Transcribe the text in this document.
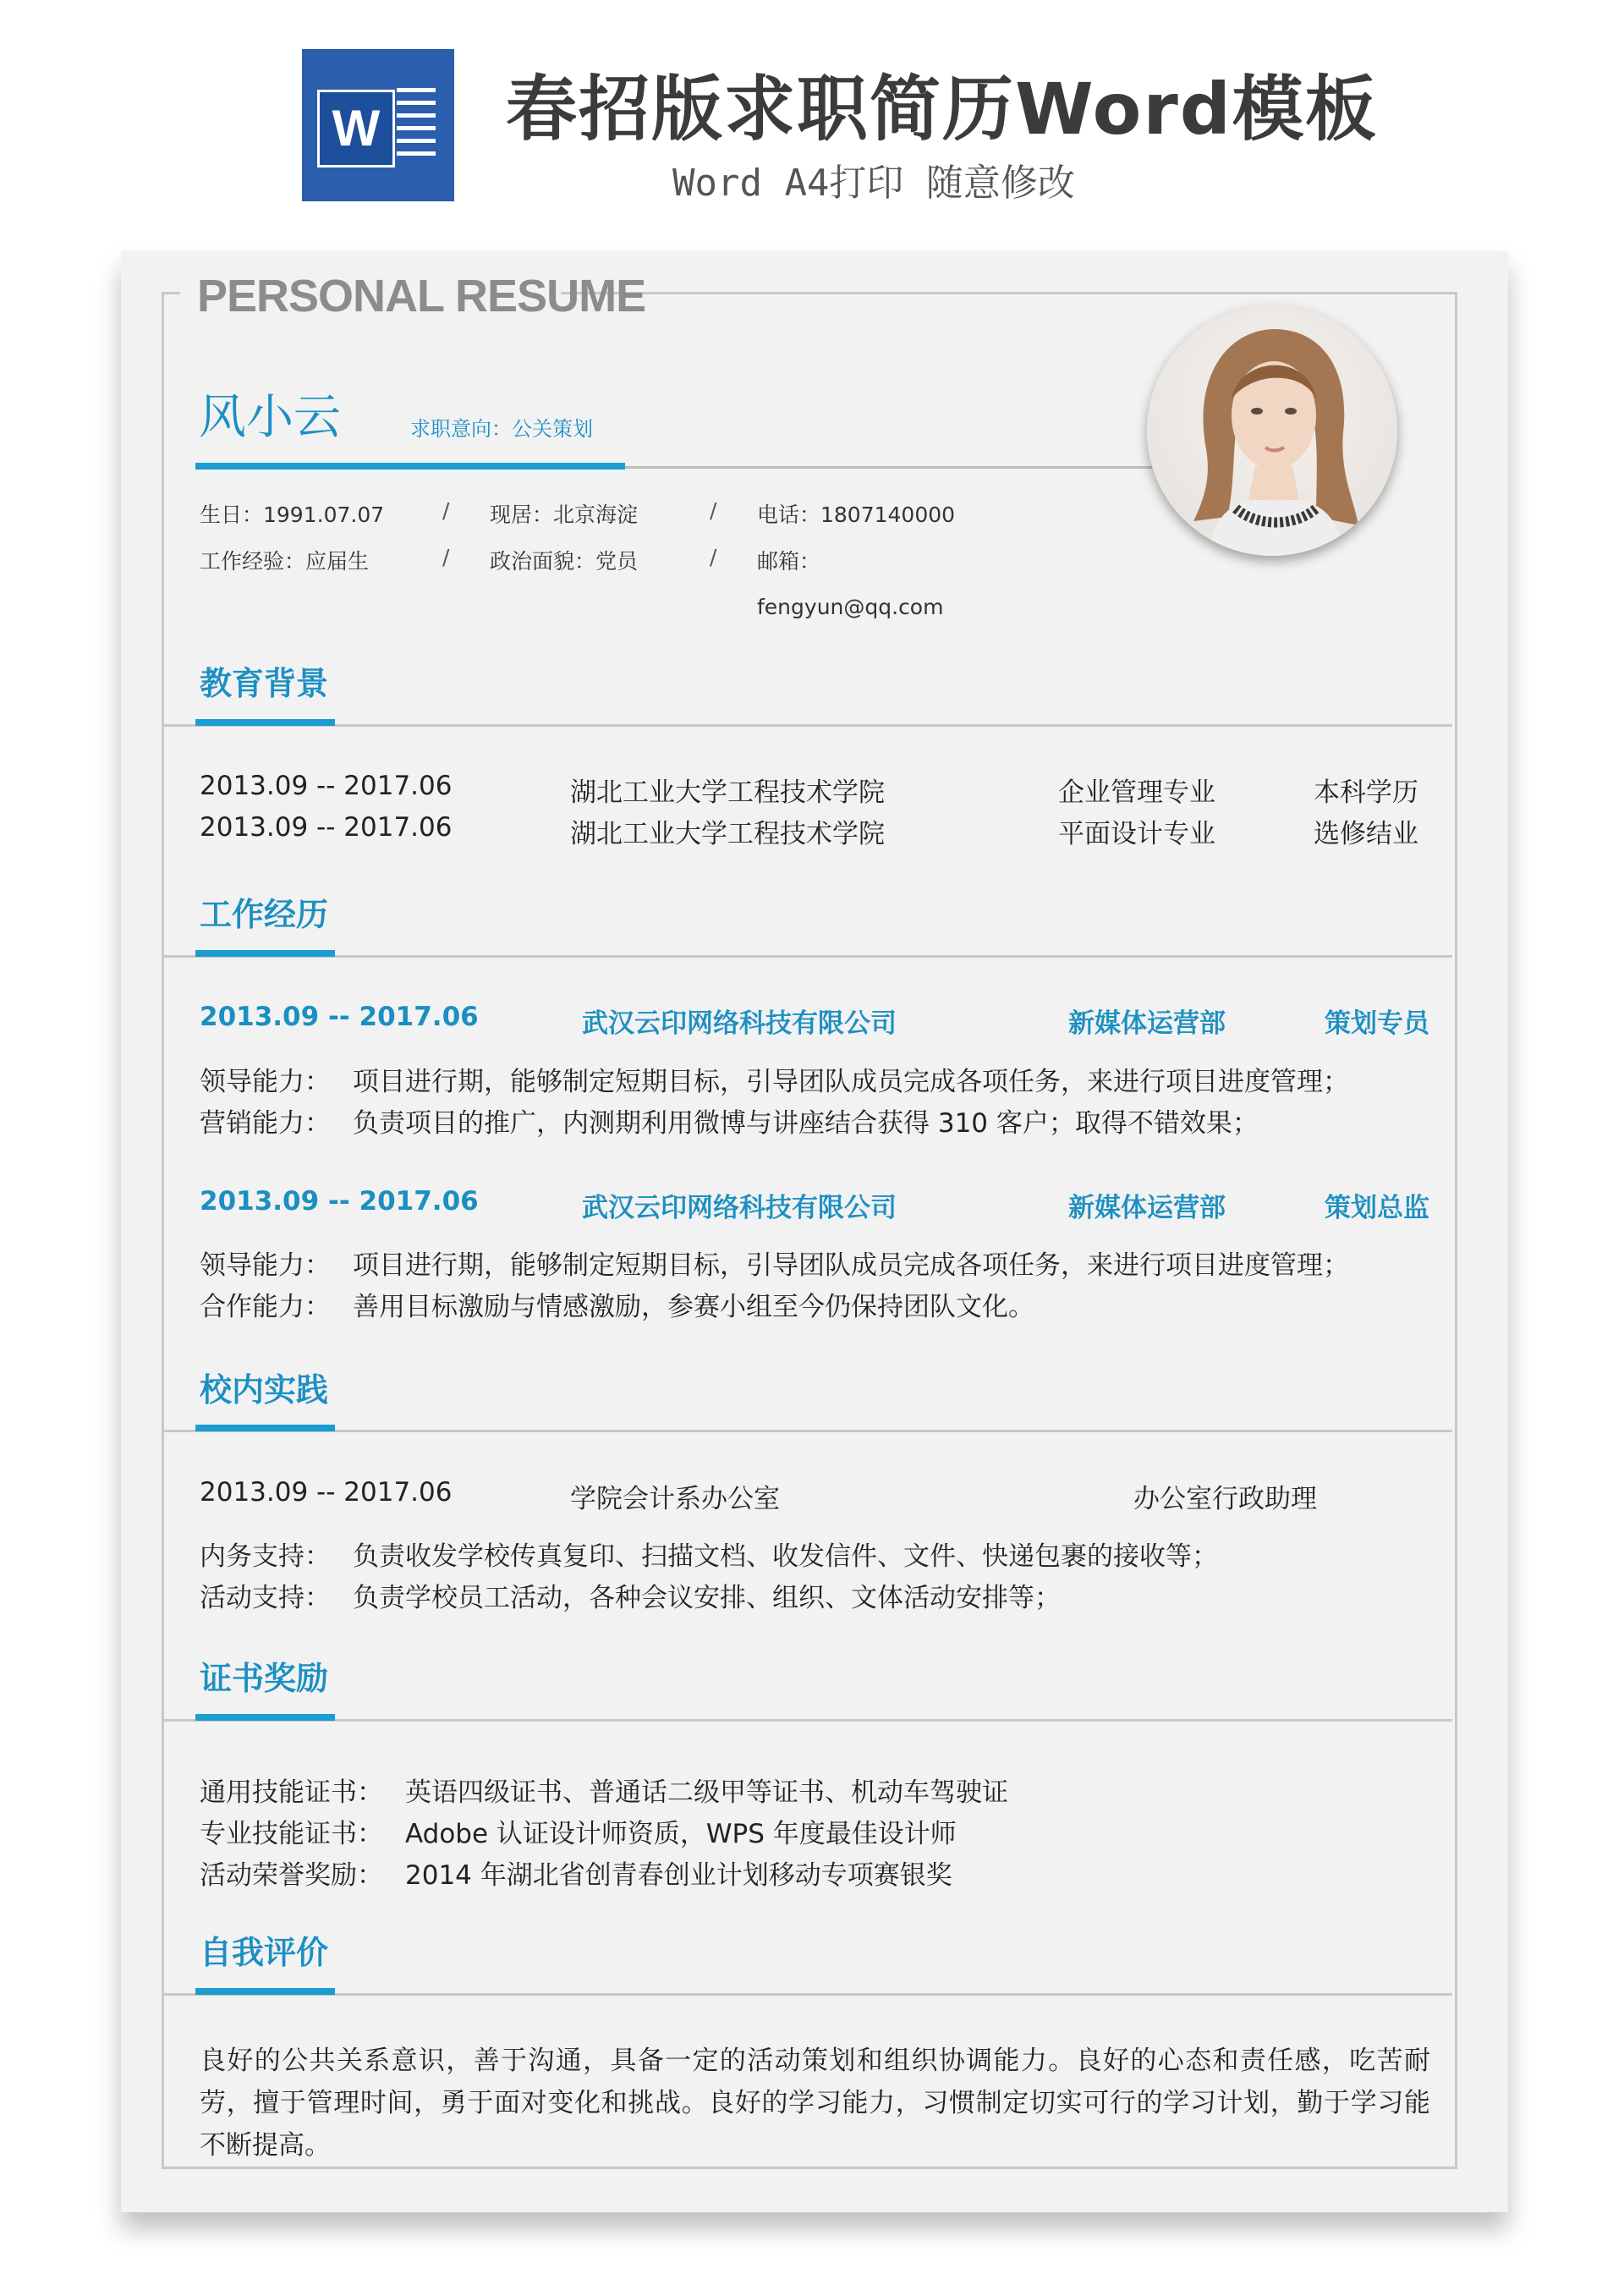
W 春招版求职简历Word模板
Word A4打印 随意修改
PERSONAL RESUME
风小云	求职意向：公关策划
生日：1991.07.07	/ 现居：北京海淀	/ 电话：1807140000
工作经验：应届生	/ 政治面貌：党员	/ 邮箱：
fengyun@qq.com
教育背景
2013.09 -- 2017.06	湖北工业大学工程技术学院	企业管理专业	本科学历
2013.09 -- 2017.06	湖北工业大学工程技术学院	平面设计专业	选修结业
工作经历
2013.09 -- 2017.06	武汉云印网络科技有限公司	新媒体运营部	策划专员
领导能力： 项目进行期，能够制定短期目标，引导团队成员完成各项任务，来进行项目进度管理；
营销能力： 负责项目的推广，内测期利用微博与讲座结合获得 310 客户；取得不错效果；
2013.09 -- 2017.06	武汉云印网络科技有限公司	新媒体运营部	策划总监
领导能力： 项目进行期，能够制定短期目标，引导团队成员完成各项任务，来进行项目进度管理；
合作能力： 善用目标激励与情感激励，参赛小组至今仍保持团队文化。
校内实践
2013.09 -- 2017.06	学院会计系办公室	办公室行政助理
内务支持： 负责收发学校传真复印、扫描文档、收发信件、文件、快递包裹的接收等；
活动支持： 负责学校员工活动，各种会议安排、组织、文体活动安排等；
证书奖励
通用技能证书： 英语四级证书、普通话二级甲等证书、机动车驾驶证
专业技能证书： Adobe 认证设计师资质，WPS 年度最佳设计师
活动荣誉奖励： 2014 年湖北省创青春创业计划移动专项赛银奖
自我评价
良好的公共关系意识，善于沟通，具备一定的活动策划和组织协调能力。良好的心态和责任感，吃苦耐劳，擅于管理时间，勇于面对变化和挑战。良好的学习能力，习惯制定切实可行的学习计划，勤于学习能不断提高。
